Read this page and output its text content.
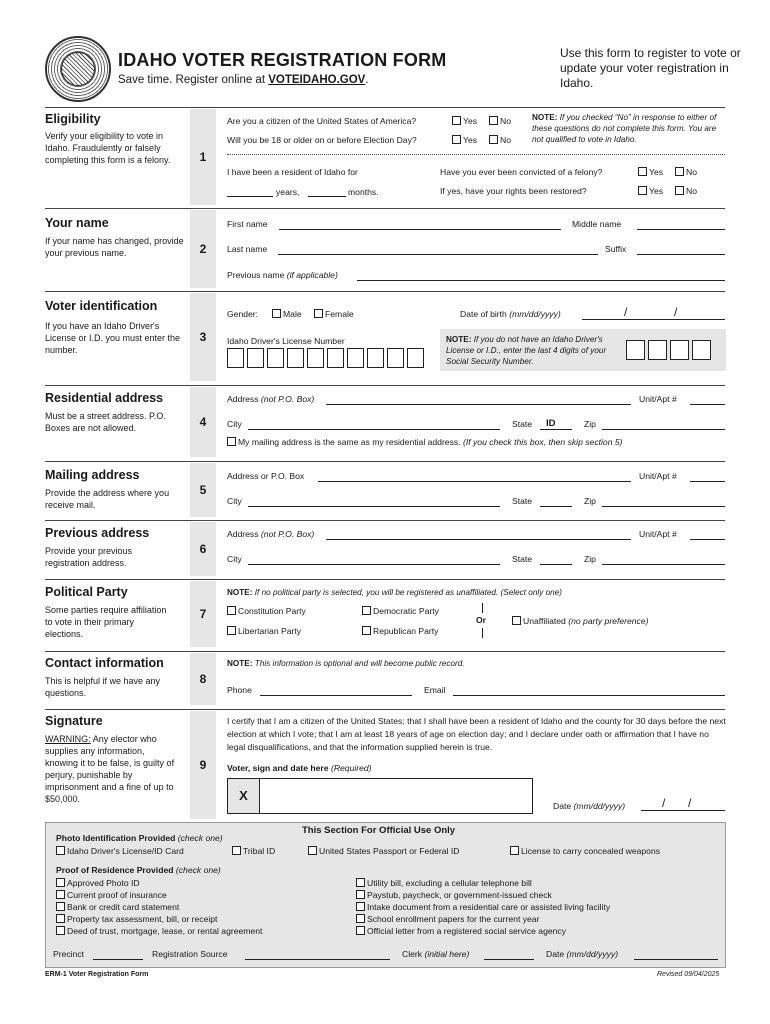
IDAHO VOTER REGISTRATION FORM
Save time. Register online at VOTEIDAHO.GOV.
Use this form to register to vote or update your voter registration in Idaho.
Eligibility
Verify your eligibility to vote in Idaho. Fraudulently or falsely completing this form is a felony.	1
Are you a citizen of the United States of America?	Yes	No
Will you be 18 or older on or before Election Day?	Yes	No
NOTE: If you checked “No” in response to either of these questions do not complete this form. You are not qualified to vote in Idaho.
I have been a resident of Idaho for
years,	months.
Have you ever been convicted of a felony?	Yes	No
If yes, have your rights been restored?	Yes	No
Your name
If your name has changed, provide your previous name.	2
First name	Middle name
Last name	Suffix
Previous name (if applicable)
Voter identification
If you have an Idaho Driver's License or I.D. you must enter the number.
3
Gender:	Male	Female	Date of birth (mm/dd/yyyy)	/	/
Idaho Driver's License Number	NOTE: If you do not have an Idaho Driver's License or I.D., enter the last 4 digits of your Social Security Number.
Residential address
Must be a street address. P.O. Boxes are not allowed.	4
Address (not P.O. Box)	Unit/Apt #
City	State ID	Zip
My mailing address is the same as my residential address. (If you check this box, then skip section 5)
Mailing address
Provide the address where you receive mail.
5
Address or P.O. Box	Unit/Apt #
City	State	Zip
Previous address
Provide your previous registration address.
6
Address (not P.O. Box)	Unit/Apt #
City	State	Zip
Political Party
Some parties require affiliation to vote in their primary elections.
7
NOTE: If no political party is selected, you will be registered as unaffiliated. (Select only one)
Constitution Party	Democratic Party
Libertarian Party	Republican Party
Or	Unaffiliated (no party preference)
Contact information
This is helpful if we have any questions.
8
NOTE: This information is optional and will become public record.
Phone	Email
Signature
WARNING: Any elector who supplies any information, knowing it to be false, is guilty of perjury, punishable by imprisonment and a fine of up to $50,000.
9
I certify that I am a citizen of the United States; that I shall have been a resident of Idaho and the county for 30 days before the next election at which I vote; that I am at least 18 years of age on election day; and I declare under oath or affirmation that I have no legal disqualifications, and that the information supplied herein is true.
Voter, sign and date here (Required)
X
Date (mm/dd/yyyy)	/ /
This Section For Official Use Only
Photo Identification Provided (check one)
Idaho Driver's License/ID Card	Tribal ID	United States Passport or Federal ID	License to carry concealed weapons
Proof of Residence Provided (check one)
Approved Photo ID
Current proof of insurance
Bank or credit card statement
Property tax assessment, bill, or receipt
Deed of trust, mortgage, lease, or rental agreement
Utility bill, excluding a cellular telephone bill
Paystub, paycheck, or government-issued check
Intake document from a residential care or assisted living facility
School enrollment papers for the current year
Official letter from a registered social service agency
Precinct	Registration Source	Clerk (initial here)	Date (mm/dd/yyyy)
ERM-1 Voter Registration Form	Revised 09/04/2025
